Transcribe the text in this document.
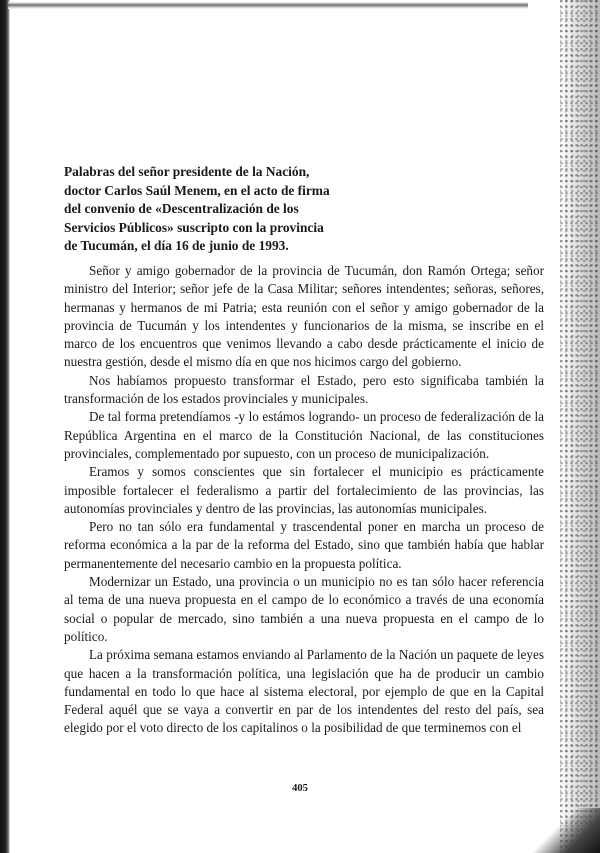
Palabras del señor presidente de la Nación,
doctor Carlos Saúl Menem, en el acto de firma
del convenio de «Descentralización de los
Servicios Públicos» suscripto con la provincia
de Tucumán, el día 16 de junio de 1993.

Señor y amigo gobernador de la provincia de Tucumán, don Ramón Ortega; señor ministro del Interior; señor jefe de la Casa Militar; señores intendentes; señoras, señores, hermanas y hermanos de mi Patria; esta reunión con el señor y amigo gobernador de la provincia de Tucumán y los intendentes y funcionarios de la misma, se inscribe en el marco de los encuentros que venimos llevando a cabo desde prácticamente el inicio de nuestra gestión, desde el mismo día en que nos hicimos cargo del gobierno.

Nos habíamos propuesto transformar el Estado, pero esto significaba también la transformación de los estados provinciales y municipales.

De tal forma pretendíamos -y lo estámos logrando- un proceso de federalización de la República Argentina en el marco de la Constitución Nacional, de las constituciones provinciales, complementado por supuesto, con un proceso de municipalización.

Eramos y somos conscientes que sin fortalecer el municipio es prácticamente imposible fortalecer el federalismo a partir del fortalecimiento de las provincias, las autonomías provinciales y dentro de las provincias, las autonomías municipales.

Pero no tan sólo era fundamental y trascendental poner en marcha un proceso de reforma económica a la par de la reforma del Estado, sino que también había que hablar permanentemente del necesario cambio en la propuesta política.

Modernizar un Estado, una provincia o un municipio no es tan sólo hacer referencia al tema de una nueva propuesta en el campo de lo económico a través de una economía social o popular de mercado, sino también a una nueva propuesta en el campo de lo político.

La próxima semana estamos enviando al Parlamento de la Nación un paquete de leyes que hacen a la transformación política, una legislación que ha de producir un cambio fundamental en todo lo que hace al sistema electoral, por ejemplo de que en la Capital Federal aquél que se vaya a convertir en par de los intendentes del resto del país, sea elegido por el voto directo de los capitalinos o la posibilidad de que terminemos con el

405
